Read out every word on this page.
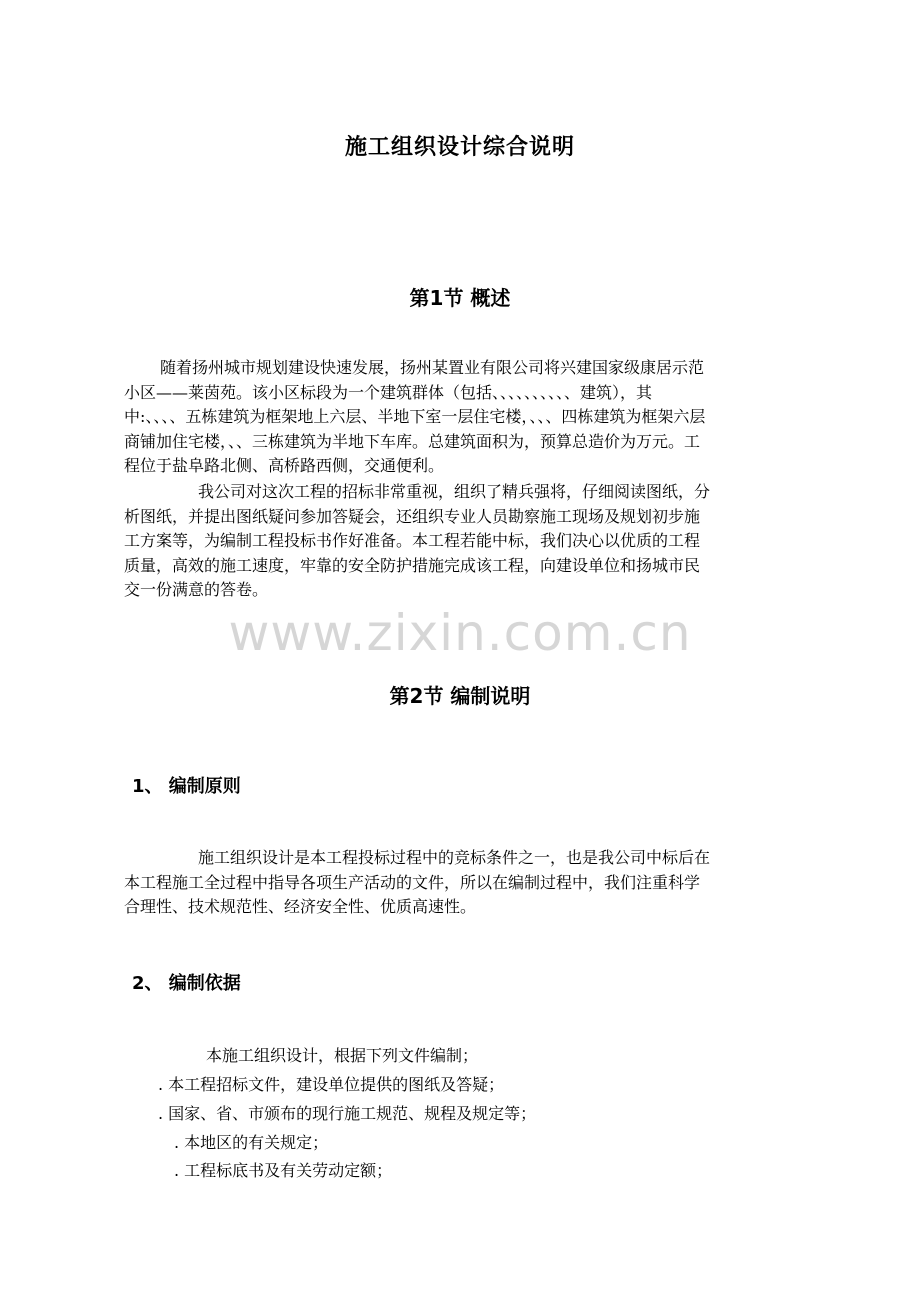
施工组织设计综合说明
第1节 概述
随着扬州城市规划建设快速发展，扬州某置业有限公司将兴建国家级康居示范
小区——莱茵苑。该小区标段为一个建筑群体（包括、、、、、、、、、、建筑），其
中:、、、、五栋建筑为框架地上六层、半地下室一层住宅楼，、、、四栋建筑为框架六层
商铺加住宅楼，、、三栋建筑为半地下车库。总建筑面积为，预算总造价为万元。工
程位于盐阜路北侧、高桥路西侧，交通便利。
我公司对这次工程的招标非常重视，组织了精兵强将，仔细阅读图纸，分
析图纸，并提出图纸疑问参加答疑会，还组织专业人员勘察施工现场及规划初步施
工方案等，为编制工程投标书作好准备。本工程若能中标，我们决心以优质的工程
质量，高效的施工速度，牢靠的安全防护措施完成该工程，向建设单位和扬城市民
交一份满意的答卷。
www.zixin.com.cn
第2节 编制说明
1、 编制原则
施工组织设计是本工程投标过程中的竞标条件之一，也是我公司中标后在
本工程施工全过程中指导各项生产活动的文件，所以在编制过程中，我们注重科学
合理性、技术规范性、经济安全性、优质高速性。
2、 编制依据
本施工组织设计，根据下列文件编制；
. 本工程招标文件，建设单位提供的图纸及答疑；
. 国家、省、市颁布的现行施工规范、规程及规定等；
. 本地区的有关规定；
. 工程标底书及有关劳动定额；
